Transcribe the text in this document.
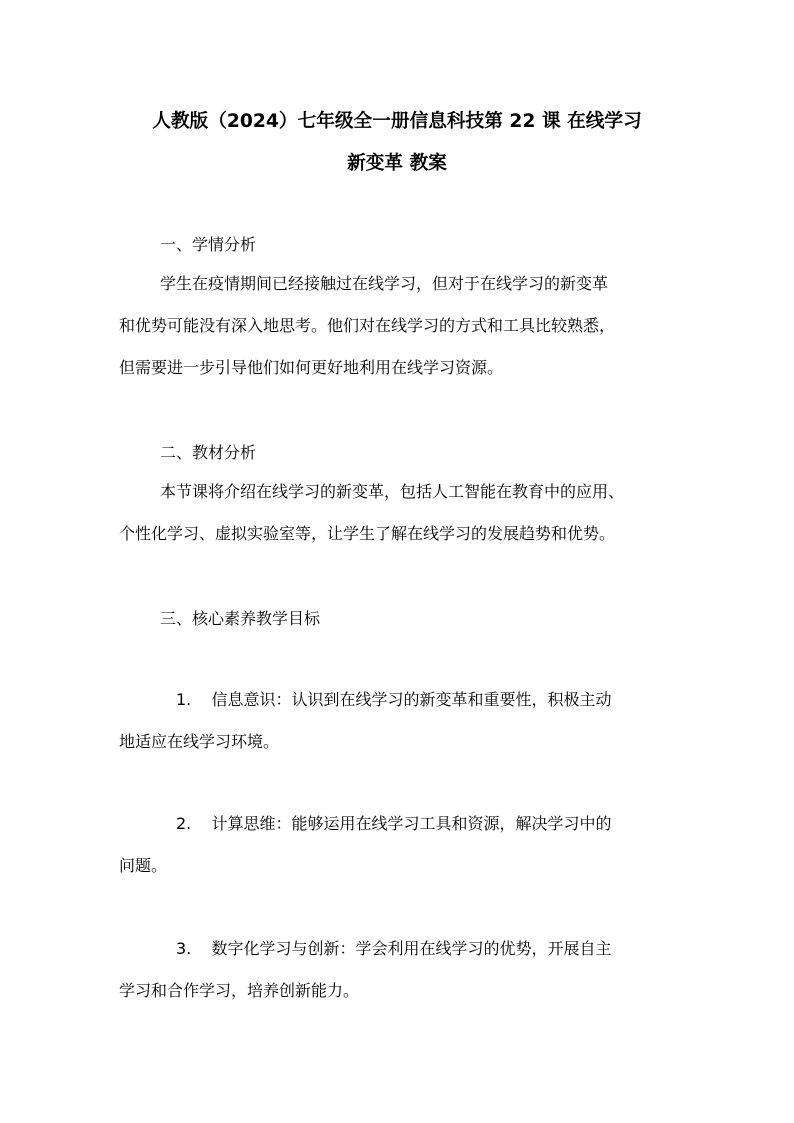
人教版（2024）七年级全一册信息科技第 22 课 在线学习
新变革 教案
一、学情分析
学生在疫情期间已经接触过在线学习，但对于在线学习的新变革
和优势可能没有深入地思考。他们对在线学习的方式和工具比较熟悉，
但需要进一步引导他们如何更好地利用在线学习资源。
二、教材分析
本节课将介绍在线学习的新变革，包括人工智能在教育中的应用、
个性化学习、虚拟实验室等，让学生了解在线学习的发展趋势和优势。
三、核心素养教学目标
1. 信息意识：认识到在线学习的新变革和重要性，积极主动
地适应在线学习环境。
2. 计算思维：能够运用在线学习工具和资源，解决学习中的
问题。
3. 数字化学习与创新：学会利用在线学习的优势，开展自主
学习和合作学习，培养创新能力。
